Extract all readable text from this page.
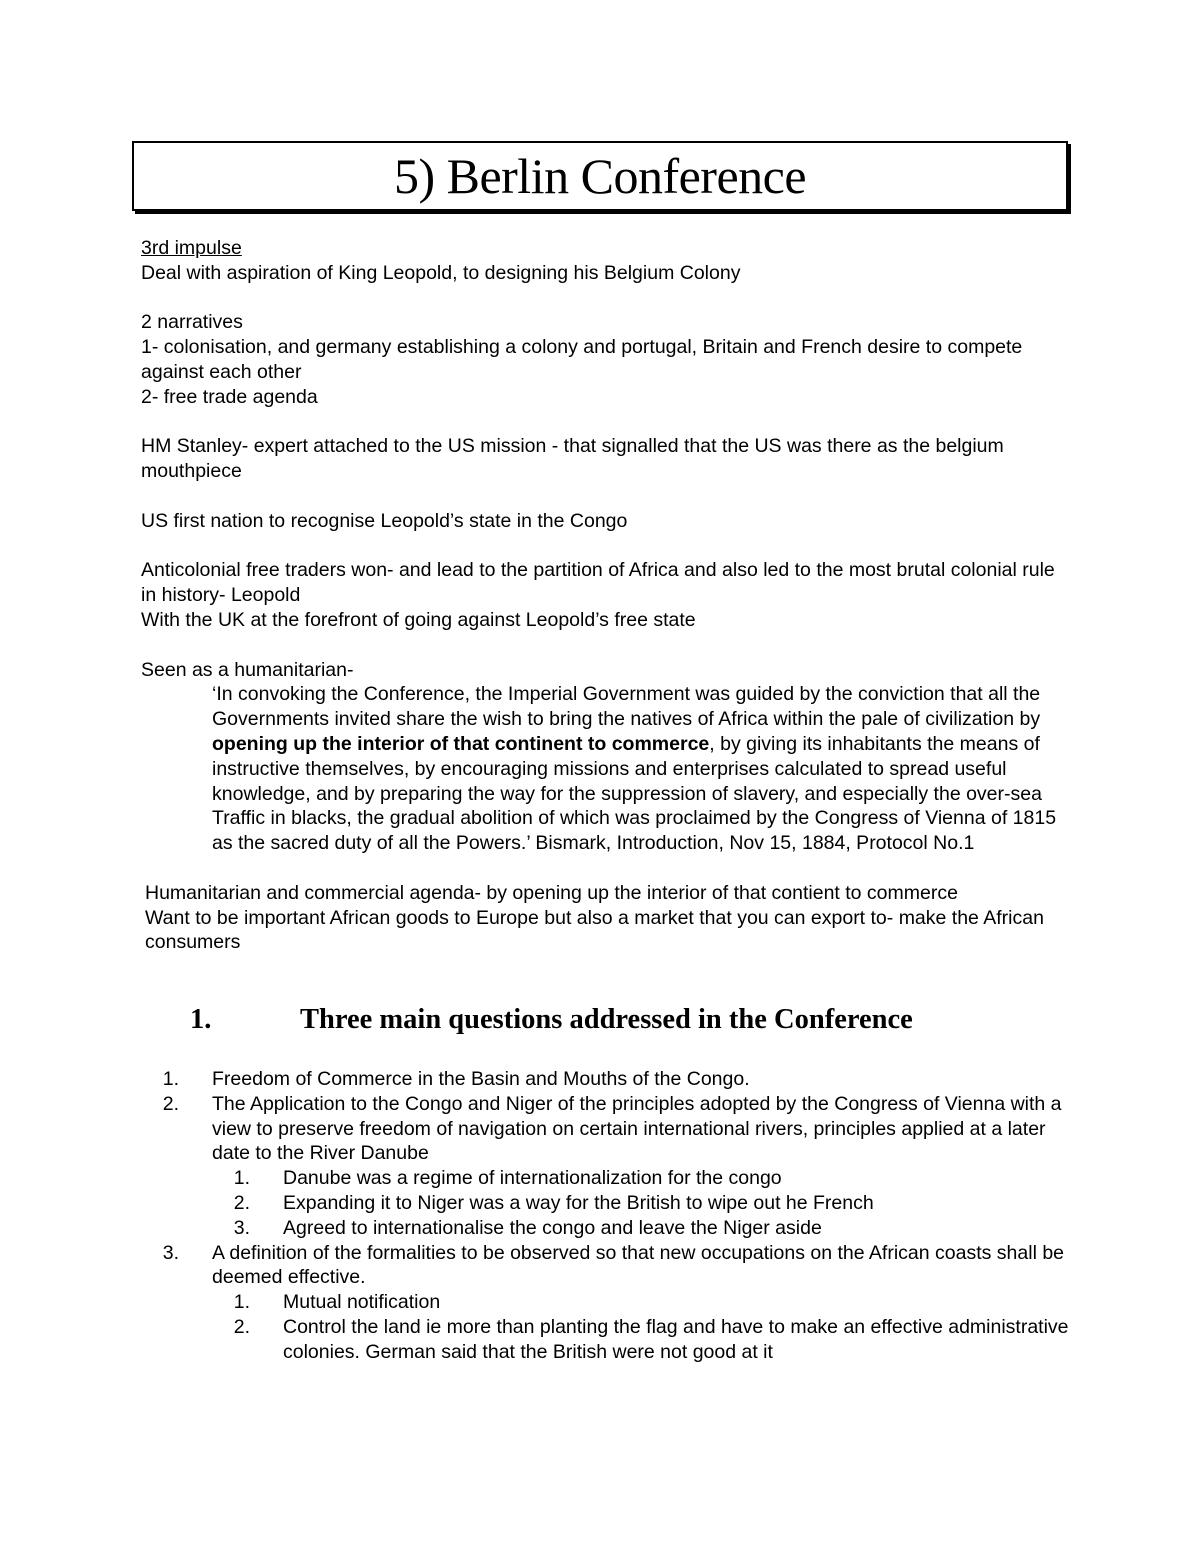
5) Berlin Conference

3rd impulse

Deal with aspiration of King Leopold, to designing his Belgium Colony

2 narratives

1- colonisation, and germany establishing a colony and portugal, Britain and French desire to compete against each other

2- free trade agenda

HM Stanley- expert attached to the US mission - that signalled that the US was there as the belgium mouthpiece

US first nation to recognise Leopold’s state in the Congo

Anticolonial free traders won- and lead to the partition of Africa and also led to the most brutal colonial rule in history- Leopold

With the UK at the forefront of going against Leopold’s free state

Seen as a humanitarian-

‘In convoking the Conference, the Imperial Government was guided by the conviction that all the Governments invited share the wish to bring the natives of Africa within the pale of civilization by opening up the interior of that continent to commerce, by giving its inhabitants the means of instructive themselves, by encouraging missions and enterprises calculated to spread useful knowledge, and by preparing the way for the suppression of slavery, and especially the over-sea Traffic in blacks, the gradual abolition of which was proclaimed by the Congress of Vienna of 1815 as the sacred duty of all the Powers.’ Bismark, Introduction, Nov 15, 1884, Protocol No.1

Humanitarian and commercial agenda- by opening up the interior of that contient to commerce

Want to be important African goods to Europe but also a market that you can export to- make the African consumers

1.	Three main questions addressed in the Conference
1.	Freedom of Commerce in the Basin and Mouths of the Congo.
2.	The Application to the Congo and Niger of the principles adopted by the Congress of Vienna with a view to preserve freedom of navigation on certain international rivers, principles applied at a later date to the River Danube
1.	Danube was a regime of internationalization for the congo
2.	Expanding it to Niger was a way for the British to wipe out he French
3.	Agreed to internationalise the congo and leave the Niger aside
3.	A definition of the formalities to be observed so that new occupations on the African coasts shall be deemed effective.
1.	Mutual notification
2.	Control the land ie more than planting the flag and have to make an effective administrative colonies. German said that the British were not good at it
